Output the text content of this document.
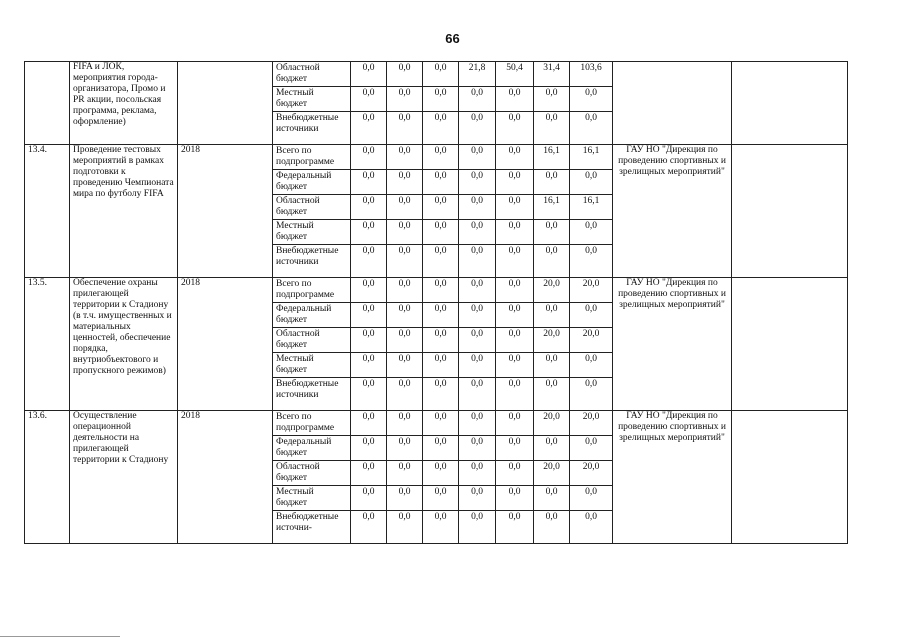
66
	FIFA и ЛОК, мероприятия города-организатора, Промо и PR акции, посольская программа, реклама, оформление)		Областной бюджет	0,0	0,0	0,0	21,8	50,4	31,4	103,6		
			Местный бюджет	0,0	0,0	0,0	0,0	0,0	0,0	0,0		
			Внебюджетные источники	0,0	0,0	0,0	0,0	0,0	0,0	0,0		
13.4.	Проведение тестовых мероприятий в рамках подготовки к проведению Чемпионата мира по футболу FIFA	2018	Всего по подпрограмме	0,0	0,0	0,0	0,0	0,0	16,1	16,1	ГАУ НО "Дирекция по проведению спортивных и зрелищных мероприятий"	
			Федеральный бюджет	0,0	0,0	0,0	0,0	0,0	0,0	0,0		
			Областной бюджет	0,0	0,0	0,0	0,0	0,0	16,1	16,1		
			Местный бюджет	0,0	0,0	0,0	0,0	0,0	0,0	0,0		
			Внебюджетные источники	0,0	0,0	0,0	0,0	0,0	0,0	0,0		
13.5.	Обеспечение охраны прилегающей территории к Стадиону (в т.ч. имущественных и материальных ценностей, обеспечение порядка, внутриобъектового и пропускного режимов)	2018	Всего по подпрограмме	0,0	0,0	0,0	0,0	0,0	20,0	20,0	ГАУ НО "Дирекция по проведению спортивных и зрелищных мероприятий"	
			Федеральный бюджет	0,0	0,0	0,0	0,0	0,0	0,0	0,0		
			Областной бюджет	0,0	0,0	0,0	0,0	0,0	20,0	20,0		
			Местный бюджет	0,0	0,0	0,0	0,0	0,0	0,0	0,0		
			Внебюджетные источники	0,0	0,0	0,0	0,0	0,0	0,0	0,0		
13.6.	Осуществление операционной деятельности на прилегающей территории к Стадиону	2018	Всего по подпрограмме	0,0	0,0	0,0	0,0	0,0	20,0	20,0	ГАУ НО "Дирекция по проведению спортивных и зрелищных мероприятий"	
			Федеральный бюджет	0,0	0,0	0,0	0,0	0,0	0,0	0,0		
			Областной бюджет	0,0	0,0	0,0	0,0	0,0	20,0	20,0		
			Местный бюджет	0,0	0,0	0,0	0,0	0,0	0,0	0,0		
			Внебюджетные источни-	0,0	0,0	0,0	0,0	0,0	0,0	0,0		
